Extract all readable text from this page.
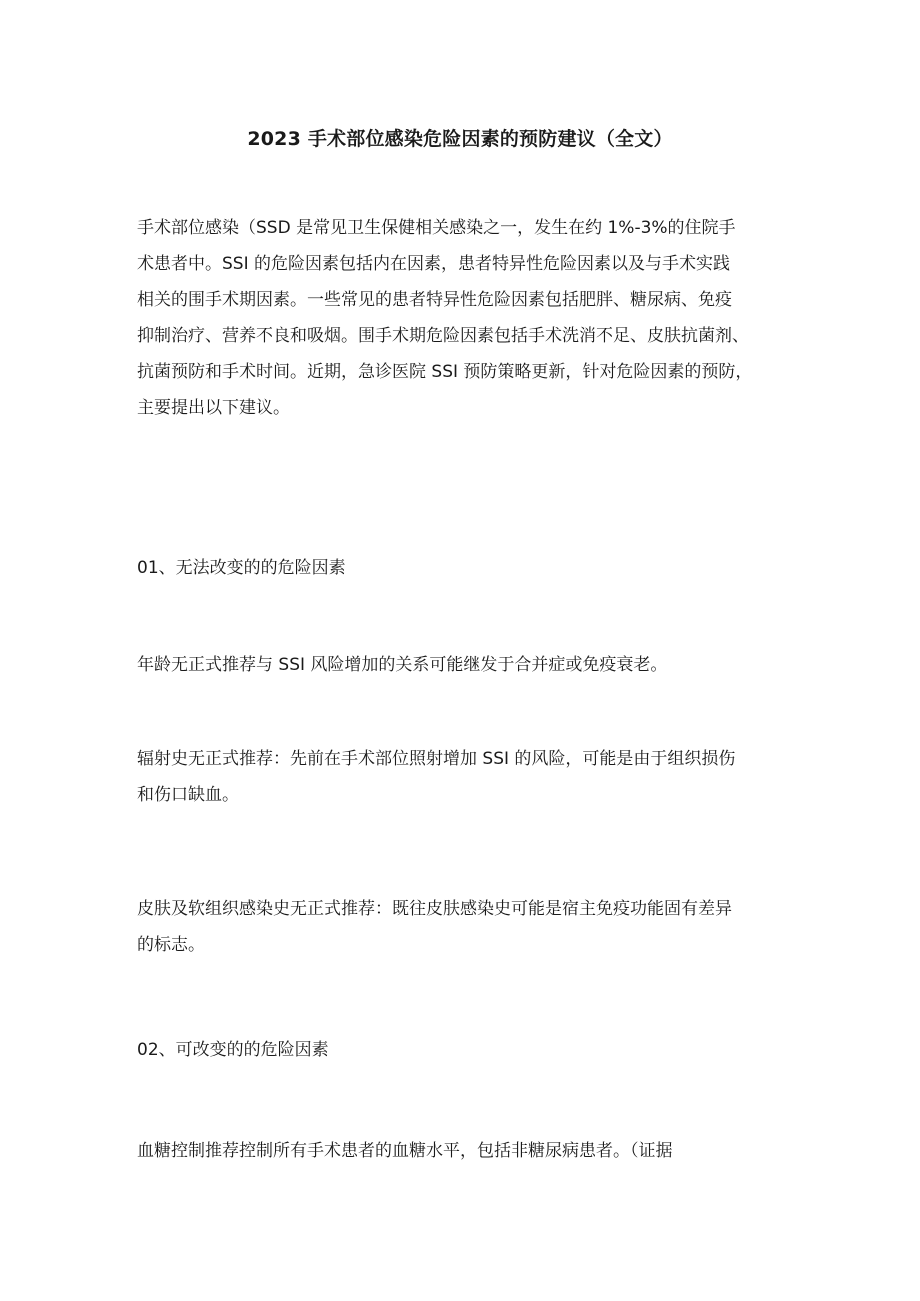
2023 手术部位感染危险因素的预防建议（全文）
手术部位感染（SSD 是常见卫生保健相关感染之一，发生在约 1%-3%的住院手
术患者中。SSI 的危险因素包括内在因素，患者特异性危险因素以及与手术实践
相关的围手术期因素。一些常见的患者特异性危险因素包括肥胖、糖尿病、免疫
抑制治疗、营养不良和吸烟。围手术期危险因素包括手术洗消不足、皮肤抗菌剂、
抗菌预防和手术时间。近期，急诊医院 SSI 预防策略更新，针对危险因素的预防，
主要提出以下建议。
01、无法改变的的危险因素
年龄无正式推荐与 SSI 风险增加的关系可能继发于合并症或免疫衰老。
辐射史无正式推荐：先前在手术部位照射增加 SSI 的风险，可能是由于组织损伤
和伤口缺血。
皮肤及软组织感染史无正式推荐：既往皮肤感染史可能是宿主免疫功能固有差异
的标志。
02、可改变的的危险因素
血糖控制推荐控制所有手术患者的血糖水平，包括非糖尿病患者。（证据
